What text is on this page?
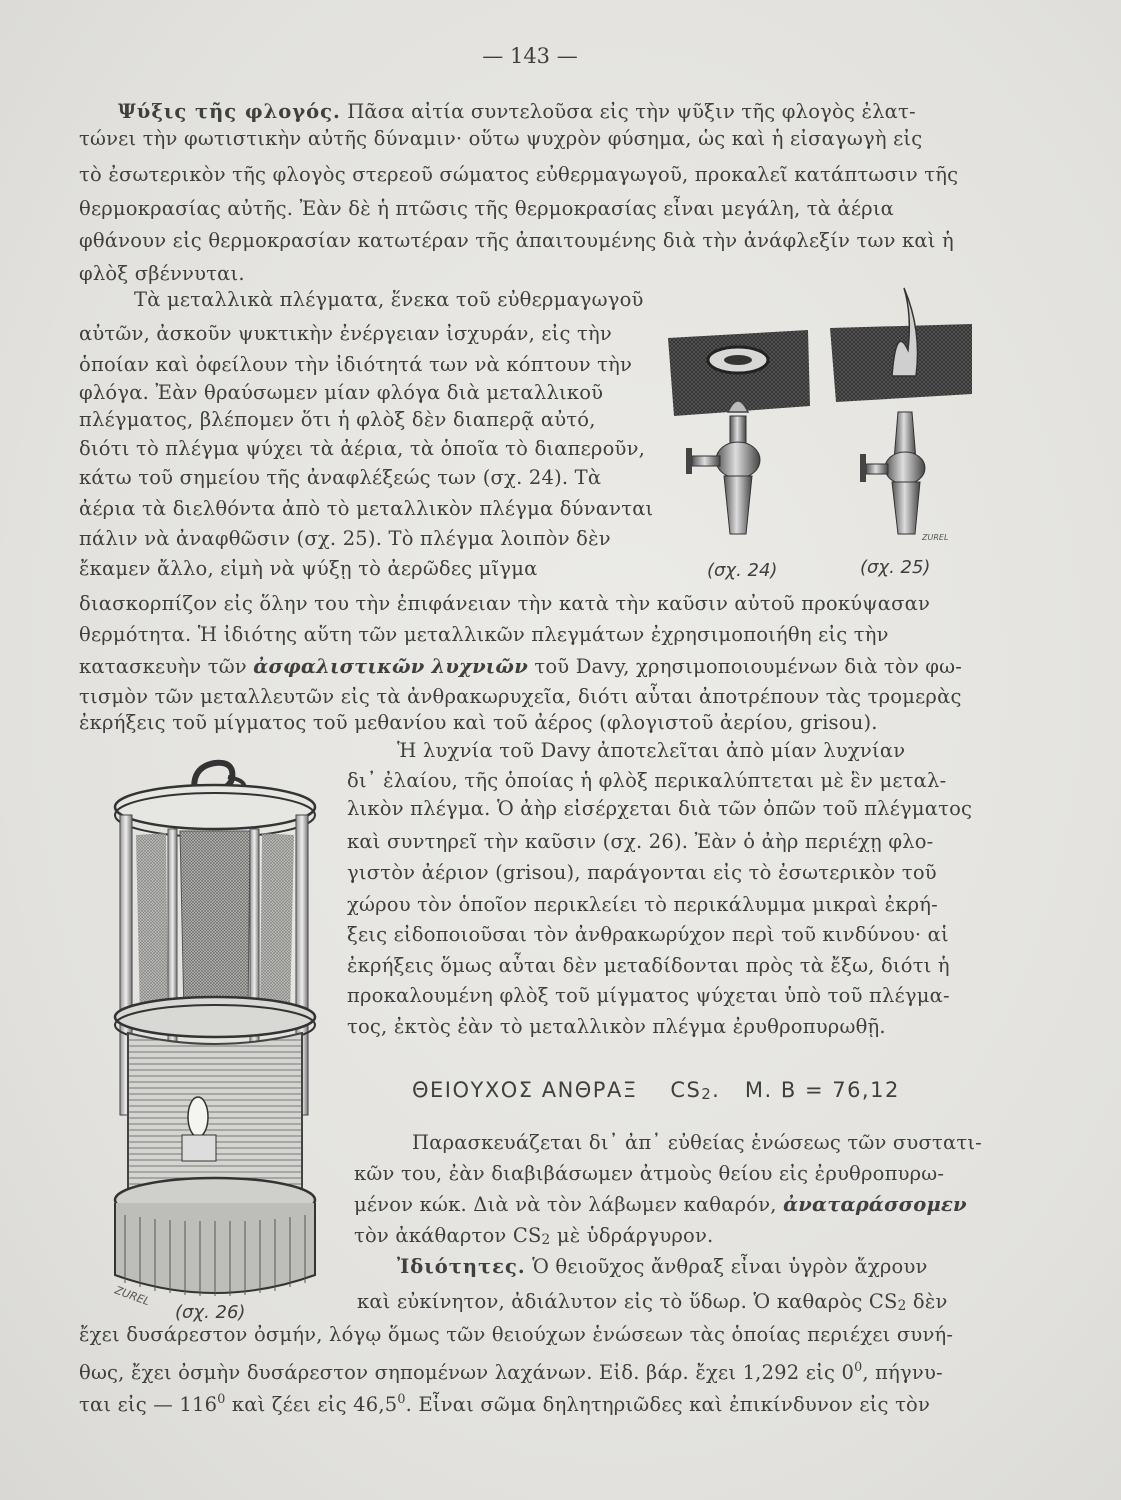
— 143 —
Ψύξις τῆς φλογός. Πᾶσα αἰτία συντελοῦσα εἰς τὴν ψῦξιν τῆς φλογὸς ἐλατ-
τώνει τὴν φωτιστικὴν αὐτῆς δύναμιν· οὕτω ψυχρὸν φύσημα, ὡς καὶ ἡ εἰσαγωγὴ εἰς
τὸ ἐσωτερικὸν τῆς φλογὸς στερεοῦ σώματος εὐθερμαγωγοῦ, προκαλεῖ κατάπτωσιν τῆς
θερμοκρασίας αὐτῆς. Ἐὰν δὲ ἡ πτῶσις τῆς θερμοκρασίας εἶναι μεγάλη, τὰ ἀέρια
φθάνουν εἰς θερμοκρασίαν κατωτέραν τῆς ἀπαιτουμένης διὰ τὴν ἀνάφλεξίν των καὶ ἡ
φλὸξ σβέννυται.
Τὰ μεταλλικὰ πλέγματα, ἕνεκα τοῦ εὐθερμαγωγοῦ
αὐτῶν, ἀσκοῦν ψυκτικὴν ἐνέργειαν ἰσχυράν, εἰς τὴν
ὁποίαν καὶ ὀφείλουν τὴν ἰδιότητά των νὰ κόπτουν τὴν
φλόγα. Ἐὰν θραύσωμεν μίαν φλόγα διὰ μεταλλικοῦ
πλέγματος, βλέπομεν ὅτι ἡ φλὸξ δὲν διαπερᾷ αὐτό,
διότι τὸ πλέγμα ψύχει τὰ ἀέρια, τὰ ὁποῖα τὸ διαπεροῦν,
κάτω τοῦ σημείου τῆς ἀναφλέξεώς των (σχ. 24). Τὰ
ἀέρια τὰ διελθόντα ἀπὸ τὸ μεταλλικὸν πλέγμα δύνανται
πάλιν νὰ ἀναφθῶσιν (σχ. 25). Τὸ πλέγμα λοιπὸν δὲν
ἔκαμεν ἄλλο, εἰμὴ νὰ ψύξῃ τὸ ἀερῶδες μῖγμα
διασκορπίζον εἰς ὅλην του τὴν ἐπιφάνειαν τὴν κατὰ τὴν καῦσιν αὐτοῦ προκύψασαν
θερμότητα. Ἡ ἰδιότης αὕτη τῶν μεταλλικῶν πλεγμάτων ἐχρησιμοποιήθη εἰς τὴν
κατασκευὴν τῶν ἀσφαλιστικῶν λυχνιῶν τοῦ Davy, χρησιμοποιουμένων διὰ τὸν φω-
τισμὸν τῶν μεταλλευτῶν εἰς τὰ ἀνθρακωρυχεῖα, διότι αὗται ἀποτρέπουν τὰς τρομερὰς
ἐκρήξεις τοῦ μίγματος τοῦ μεθανίου καὶ τοῦ ἀέρος (φλογιστοῦ ἀερίου, grisou).
ZUREL
(σχ. 24)	(σχ. 25)
Ἡ λυχνία τοῦ Davy ἀποτελεῖται ἀπὸ μίαν λυχνίαν
δι᾽ ἐλαίου, τῆς ὁποίας ἡ φλὸξ περικαλύπτεται μὲ ἓν μεταλ-
λικὸν πλέγμα. Ὁ ἀὴρ εἰσέρχεται διὰ τῶν ὀπῶν τοῦ πλέγματος
καὶ συντηρεῖ τὴν καῦσιν (σχ. 26). Ἐὰν ὁ ἀὴρ περιέχῃ φλο-
γιστὸν ἀέριον (grisou), παράγονται εἰς τὸ ἐσωτερικὸν τοῦ
χώρου τὸν ὁποῖον περικλείει τὸ περικάλυμμα μικραὶ ἐκρή-
ξεις εἰδοποιοῦσαι τὸν ἀνθρακωρύχον περὶ τοῦ κινδύνου· αἱ
ἐκρήξεις ὅμως αὗται δὲν μεταδίδονται πρὸς τὰ ἔξω, διότι ἡ
προκαλουμένη φλὸξ τοῦ μίγματος ψύχεται ὑπὸ τοῦ πλέγμα-
τος, ἐκτὸς ἐὰν τὸ μεταλλικὸν πλέγμα ἐρυθροπυρωθῇ.
ΘΕΙΟΥΧΟΣ ΑΝΘΡΑΞ $CS_2$. Μ. Β = 76,12
Παρασκευάζεται δι᾽ ἀπ᾽ εὐθείας ἑνώσεως τῶν συστατι-
κῶν του, ἐὰν διαβιβάσωμεν ἀτμοὺς θείου εἰς ἐρυθροπυρω-
μένον κώκ. Διὰ νὰ τὸν λάβωμεν καθαρόν, ἀναταράσσομεν
τὸν ἀκάθαρτον $CS_2$ μὲ ὑδράργυρον.
Ἰδιότητες. Ὁ θειοῦχος ἄνθραξ εἶναι ὑγρὸν ἄχρουν
καὶ εὐκίνητον, ἀδιάλυτον εἰς τὸ ὕδωρ. Ὁ καθαρὸς $CS_2$ δὲν
ἔχει δυσάρεστον ὀσμήν, λόγῳ ὅμως τῶν θειούχων ἑνώσεων τὰς ὁποίας περιέχει συνή-
θως, ἔχει ὀσμὴν δυσάρεστον σηπομένων λαχάνων. Εἰδ. βάρ. ἔχει 1,292 εἰς $0^0$, πήγνυ-
ται εἰς — $116^0$ καὶ ζέει εἰς 46,5$^0$. Εἶναι σῶμα δηλητηριῶδες καὶ ἐπικίνδυνον εἰς τὸν
ZUREL
(σχ. 26)
